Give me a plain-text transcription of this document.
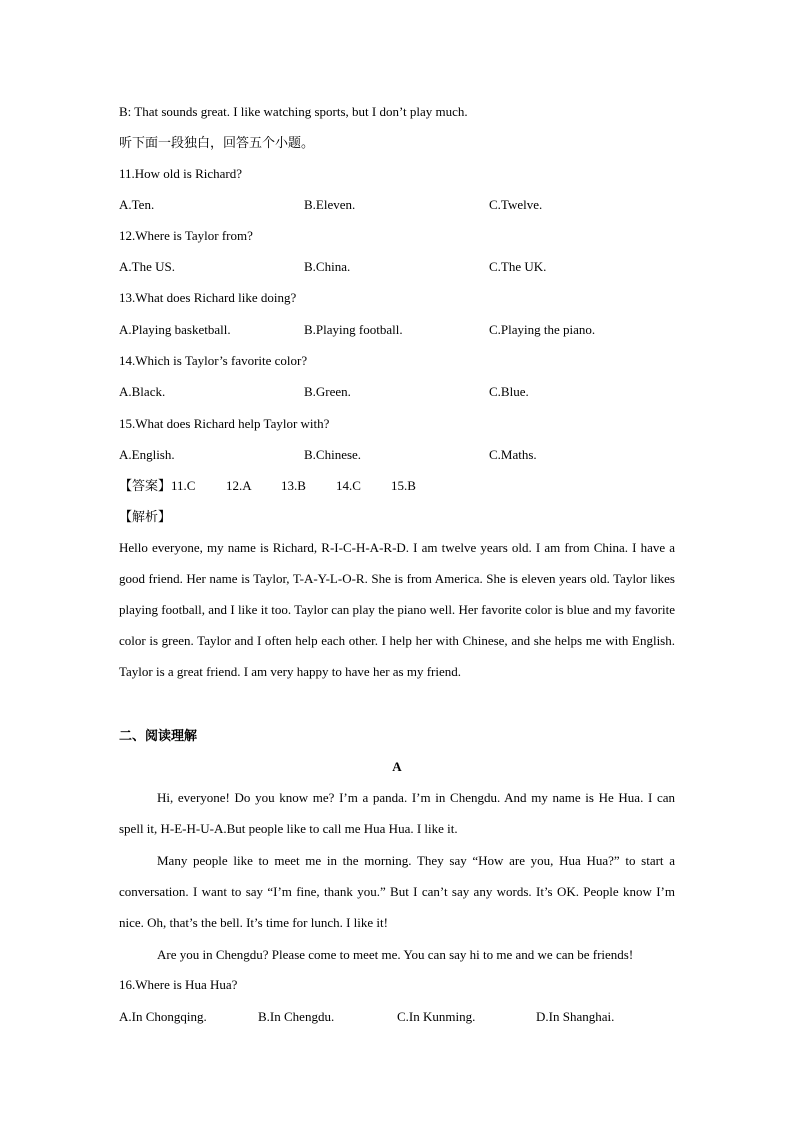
B: That sounds great. I like watching sports, but I don’t play much.
听下面一段独白，回答五个小题。
11.How old is Richard?
A.Ten.	B.Eleven.	C.Twelve.
12.Where is Taylor from?
A.The US.	B.China.	C.The UK.
13.What does Richard like doing?
A.Playing basketball.	B.Playing football.	C.Playing the piano.
14.Which is Taylor’s favorite color?
A.Black.	B.Green.	C.Blue.
15.What does Richard help Taylor with?
A.English.	B.Chinese.	C.Maths.
【答案】11.C 12.A 13.B 14.C 15.B
【解析】
Hello everyone, my name is Richard, R-I-C-H-A-R-D. I am twelve years old. I am from China. I have a good friend. Her name is Taylor, T-A-Y-L-O-R. She is from America. She is eleven years old. Taylor likes playing football, and I like it too. Taylor can play the piano well. Her favorite color is blue and my favorite color is green. Taylor and I often help each other. I help her with Chinese, and she helps me with English. Taylor is a great friend. I am very happy to have her as my friend.
二、阅读理解
A
Hi, everyone! Do you know me? I’m a panda. I’m in Chengdu. And my name is He Hua. I can spell it, H-E-H-U-A.But people like to call me Hua Hua. I like it.
Many people like to meet me in the morning. They say “How are you, Hua Hua?” to start a conversation. I want to say “I’m fine, thank you.” But I can’t say any words. It’s OK. People know I’m nice. Oh, that’s the bell. It’s time for lunch. I like it!
Are you in Chengdu? Please come to meet me. You can say hi to me and we can be friends!
16.Where is Hua Hua?
A.In Chongqing.	B.In Chengdu.	C.In Kunming.	D.In Shanghai.
